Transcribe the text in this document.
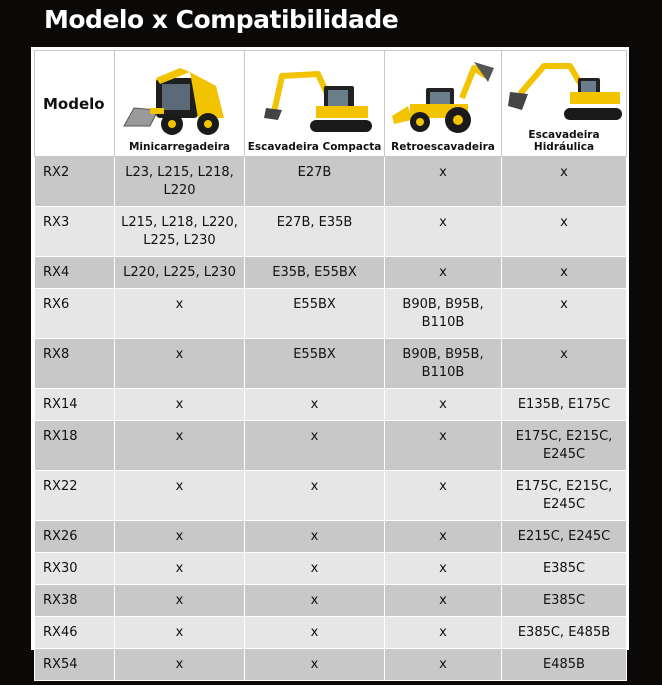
Modelo x Compatibilidade
Modelo	Minicarregadeira	Escavadeira Compacta	Retroescavadeira	Escavadeira Hidráulica

RX2	L23, L215, L218, L220	E27B	x	x
RX3	L215, L218, L220, L225, L230	E27B, E35B	x	x
RX4	L220, L225, L230	E35B, E55BX	x	x
RX6	x	E55BX	B90B, B95B, B110B	x
RX8	x	E55BX	B90B, B95B, B110B	x
RX14	x	x	x	E135B, E175C
RX18	x	x	x	E175C, E215C, E245C
RX22	x	x	x	E175C, E215C, E245C
RX26	x	x	x	E215C, E245C
RX30	x	x	x	E385C
RX38	x	x	x	E385C
RX46	x	x	x	E385C, E485B
RX54	x	x	x	E485B
